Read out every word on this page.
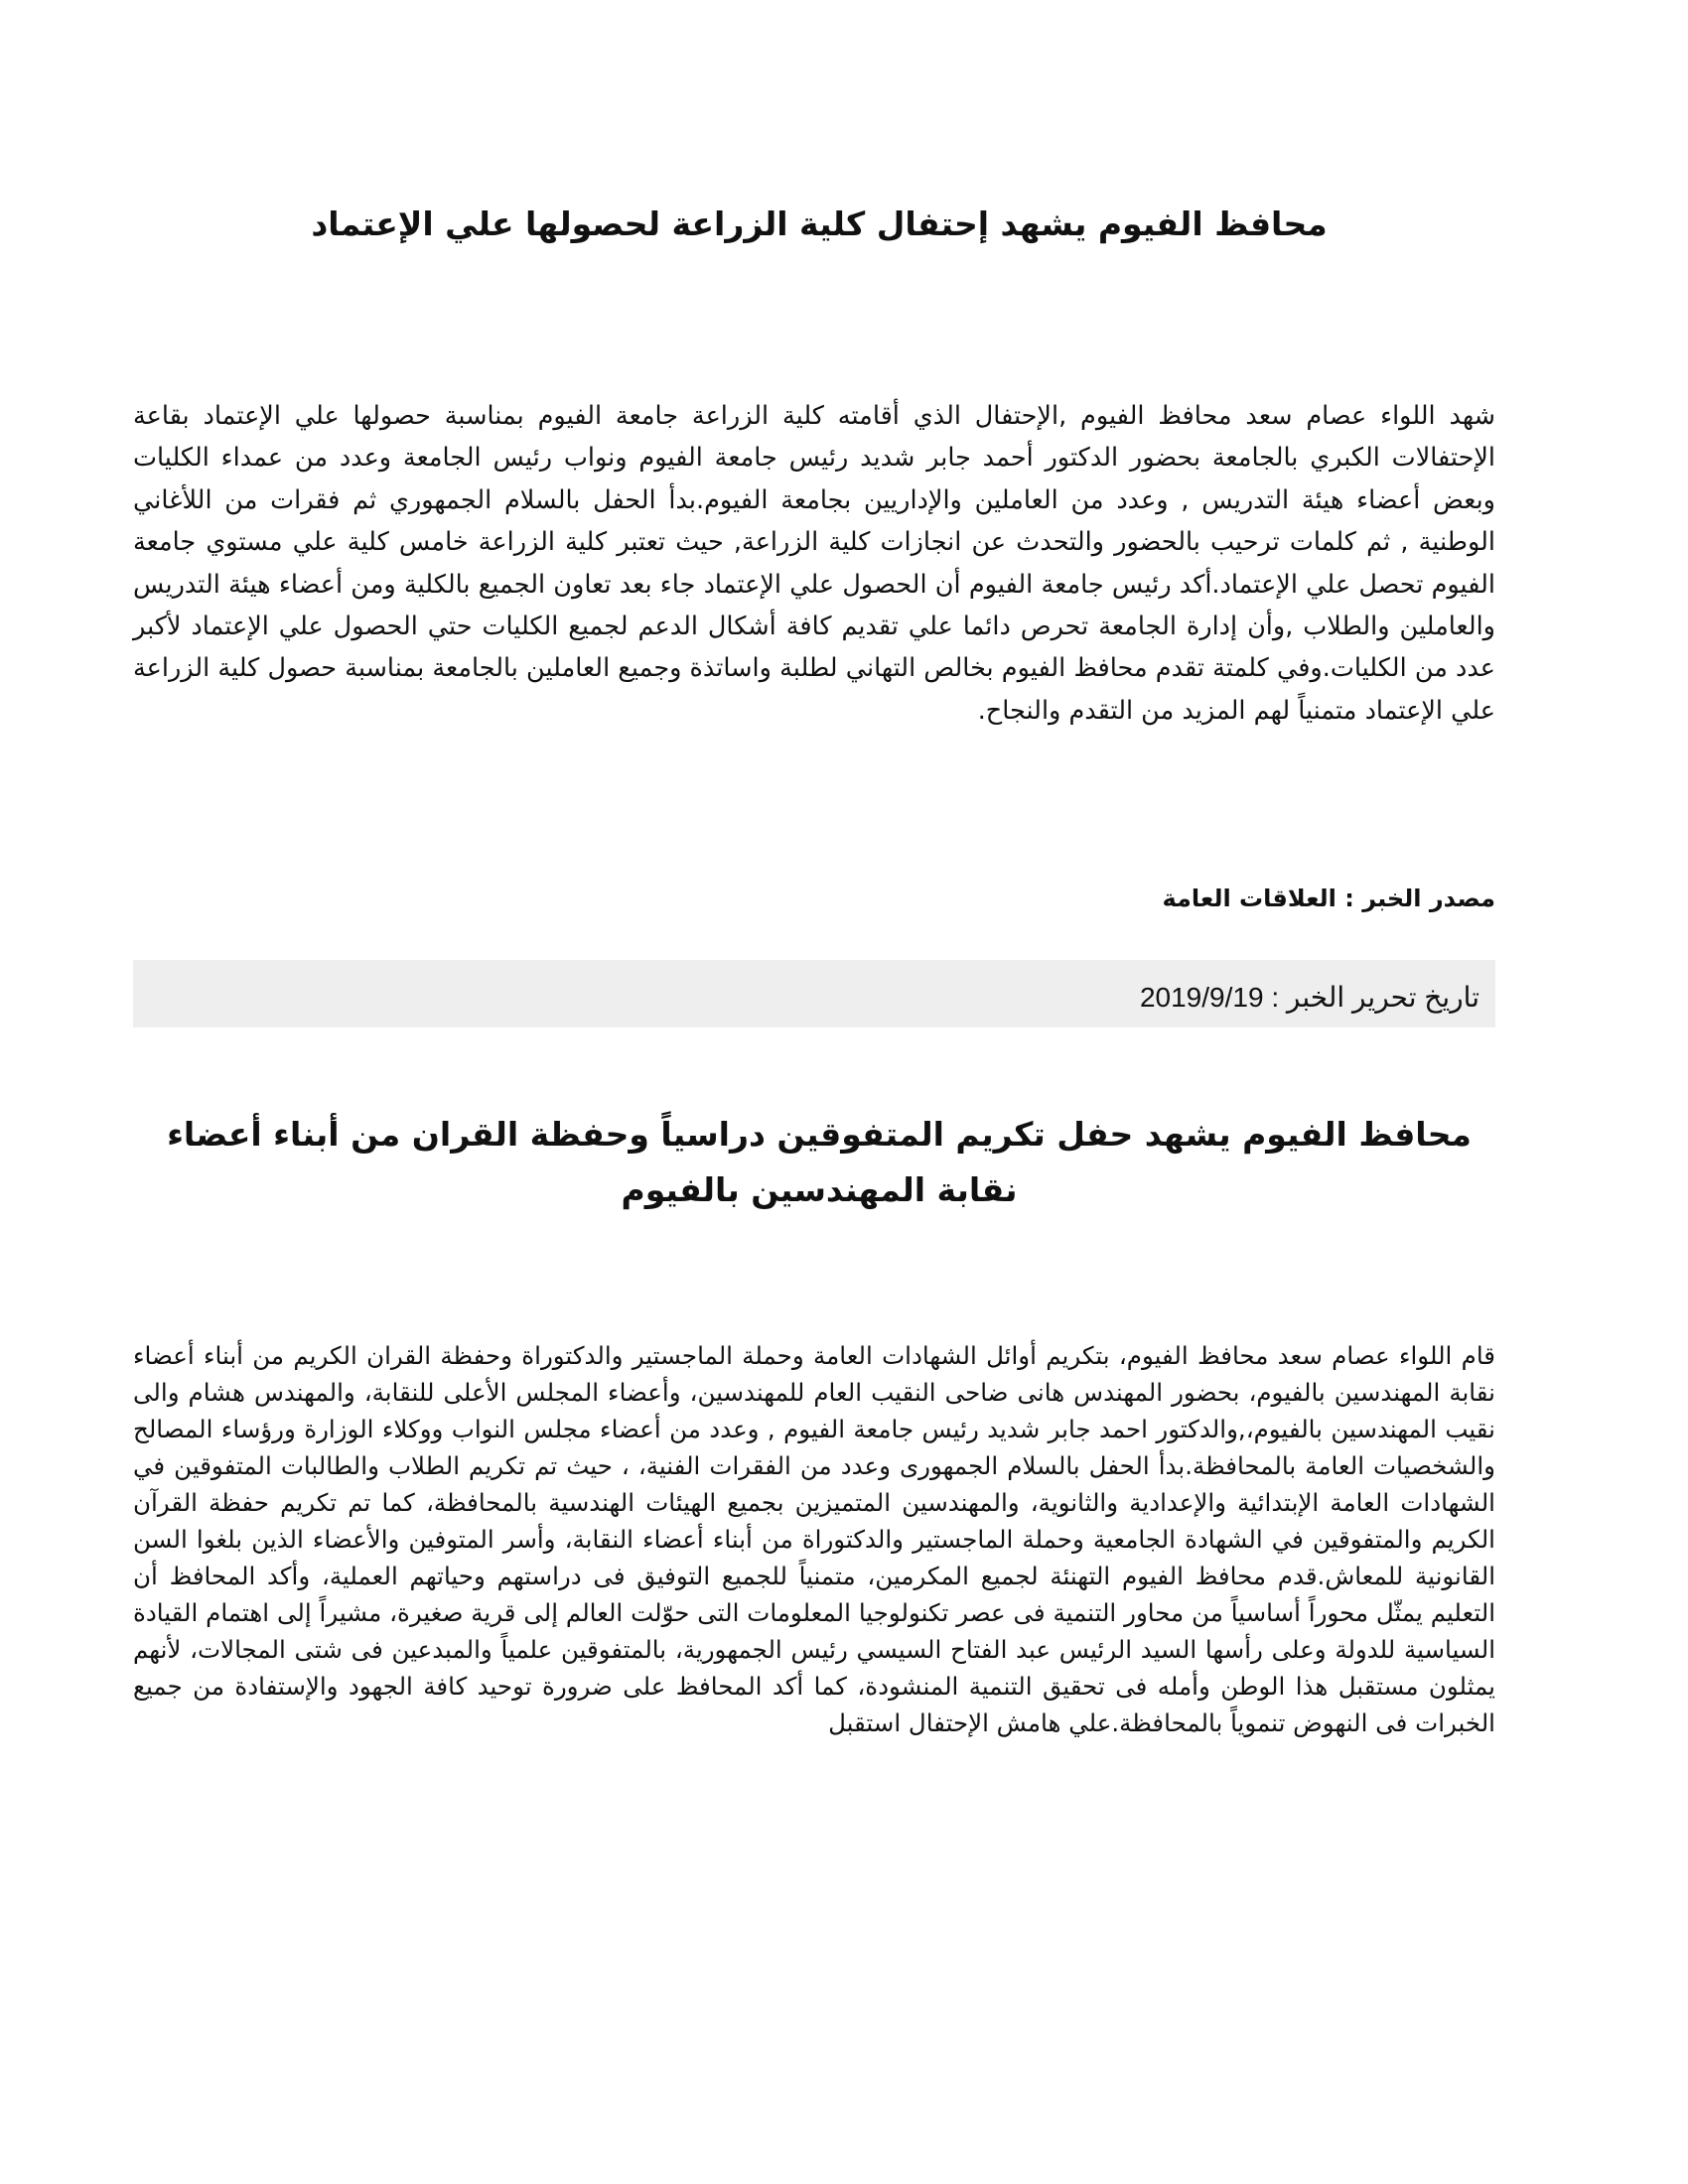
محافظ الفيوم يشهد إحتفال كلية الزراعة لحصولها علي الإعتماد

شهد اللواء عصام سعد محافظ الفيوم ,الإحتفال الذي أقامته كلية الزراعة جامعة الفيوم بمناسبة حصولها علي الإعتماد بقاعة الإحتفالات الكبري بالجامعة بحضور الدكتور أحمد جابر شديد رئيس جامعة الفيوم ونواب رئيس الجامعة وعدد من عمداء الكليات وبعض أعضاء هيئة التدريس , وعدد من العاملين والإداريين بجامعة الفيوم.بدأ الحفل بالسلام الجمهوري ثم فقرات من اللأغاني الوطنية , ثم كلمات ترحيب بالحضور والتحدث عن انجازات كلية الزراعة, حيث تعتبر كلية الزراعة خامس كلية علي مستوي جامعة الفيوم تحصل علي الإعتماد.أكد رئيس جامعة الفيوم أن الحصول علي الإعتماد جاء بعد تعاون الجميع بالكلية ومن أعضاء هيئة التدريس والعاملين والطلاب ,وأن إدارة الجامعة تحرص دائما علي تقديم كافة أشكال الدعم لجميع الكليات حتي الحصول علي الإعتماد لأكبر عدد من الكليات.وفي كلمتة تقدم محافظ الفيوم بخالص التهاني لطلبة واساتذة وجميع العاملين بالجامعة بمناسبة حصول كلية الزراعة علي الإعتماد متمنياً لهم المزيد من التقدم والنجاح.

مصدر الخبر : العلاقات العامة

تاريخ تحرير الخبر : 2019/9/19
محافظ الفيوم يشهد حفل تكريم المتفوقين دراسياً وحفظة القران من أبناء أعضاء نقابة المهندسين بالفيوم

قام اللواء عصام سعد محافظ الفيوم، بتكريم أوائل الشهادات العامة وحملة الماجستير والدكتوراة وحفظة القران الكريم من أبناء أعضاء نقابة المهندسين بالفيوم، بحضور المهندس هانى ضاحى النقيب العام للمهندسين، وأعضاء المجلس الأعلى للنقابة، والمهندس هشام والى نقيب المهندسين بالفيوم،,والدكتور احمد جابر شديد رئيس جامعة الفيوم , وعدد من أعضاء مجلس النواب ووكلاء الوزارة ورؤساء المصالح والشخصيات العامة بالمحافظة.بدأ الحفل بالسلام الجمهورى وعدد من الفقرات الفنية، ، حيث تم تكريم الطلاب والطالبات المتفوقين في الشهادات العامة الإبتدائية والإعدادية والثانوية، والمهندسين المتميزين بجميع الهيئات الهندسية بالمحافظة، كما تم تكريم حفظة القرآن الكريم والمتفوقين في الشهادة الجامعية وحملة الماجستير والدكتوراة من أبناء أعضاء النقابة، وأسر المتوفين والأعضاء الذين بلغوا السن القانونية للمعاش.قدم محافظ الفيوم التهنئة لجميع المكرمين، متمنياً للجميع التوفيق فى دراستهم وحياتهم العملية، وأكد المحافظ أن التعليم يمثّل محوراً أساسياً من محاور التنمية فى عصر تكنولوجيا المعلومات التى حوّلت العالم إلى قرية صغيرة، مشيراً إلى اهتمام القيادة السياسية للدولة وعلى رأسها السيد الرئيس عبد الفتاح السيسي رئيس الجمهورية، بالمتفوقين علمياً والمبدعين فى شتى المجالات، لأنهم يمثلون مستقبل هذا الوطن وأمله فى تحقيق التنمية المنشودة، كما أكد المحافظ على ضرورة توحيد كافة الجهود والإستفادة من جميع الخبرات فى النهوض تنموياً بالمحافظة.علي هامش الإحتفال استقبل
